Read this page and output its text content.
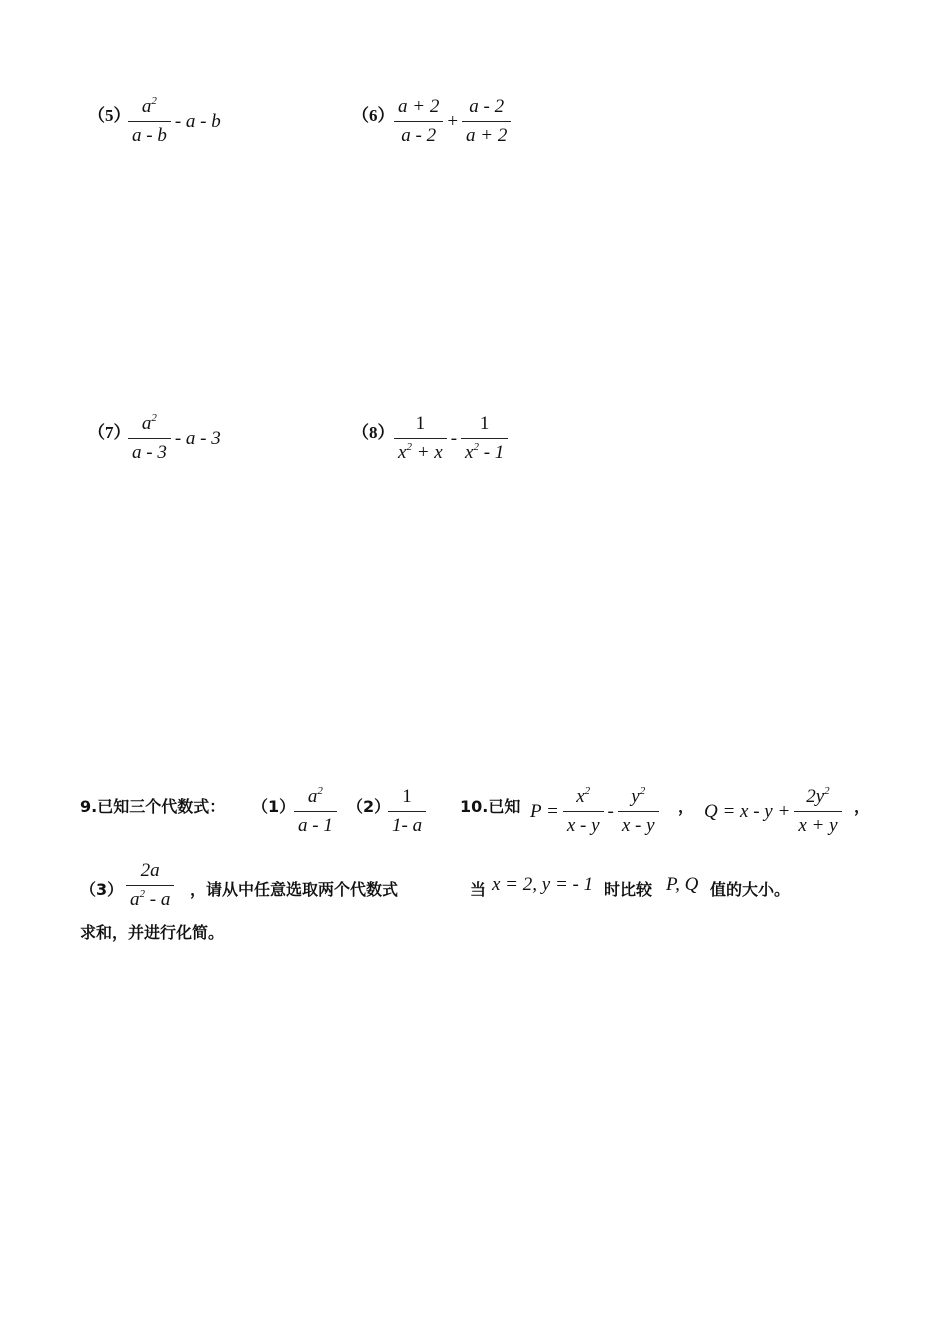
（5）
$\frac{a^2}{a - b}$ - a - b	$(6) \frac{a + 2}{a - 2} + \frac{a - 2}{a + 2}$
（7）
$\frac{a^2}{a - 3}$ - a - 3	$(8) \frac{1}{x^2 + x} - \frac{1}{x^2 - 1}$
9.已知三个代数式： （1）
$\frac{a^2}{a - 1} (2)$
$\frac{1}{1- a}$
$(3) \frac{2a}{a^2 - a}$ ，请从中任意选取两个代数式
求和，并进行化简。
10.已知 $P = \frac{x^2}{x - y} - \frac{y^2}{x - y}$ ， $Q = x - y + \frac{2y^2}{x + y}$ ，
当 x = 2, y = - 1 时比较 P, Q 值的大小。
